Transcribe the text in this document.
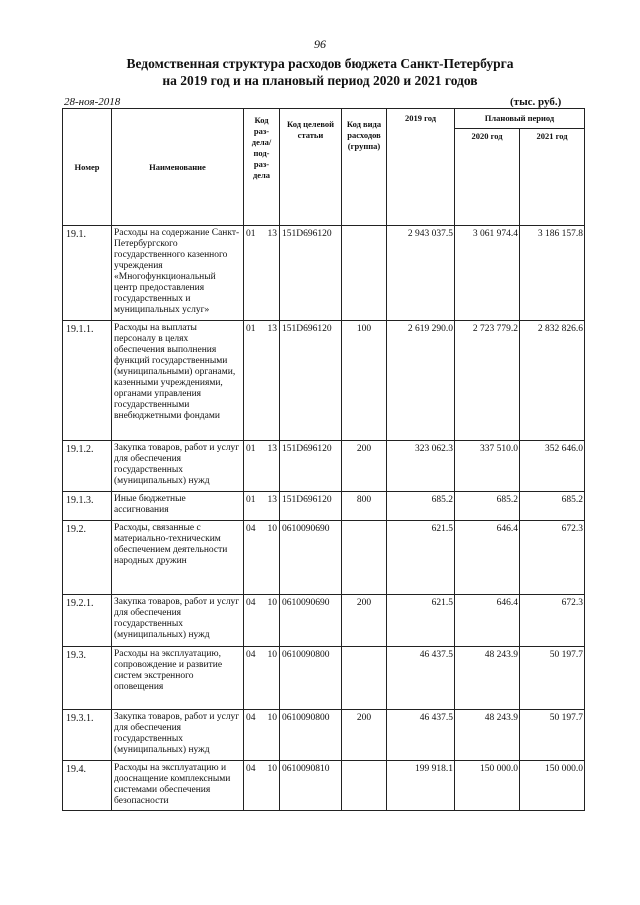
96
Ведомственная структура расходов бюджета Санкт-Петербурга
на 2019 год и на плановый период 2020 и 2021 годов
28-ноя-2018	(тыс. руб.)
Номер	Наименование	Код раз-дела/ под-раз-дела	Код целевой статьи	Код вида расходов (группа)	2019 год	Плановый период	
						2020 год	2021 год
19.1.	Расходы на содержание Санкт-Петербургского государственного казенного учреждения «Многофункциональный центр предоставления государственных и муниципальных услуг»	01 13	151D696120		2 943 037.5	3 061 974.4	3 186 157.8
19.1.1.	Расходы на выплаты персоналу в целях обеспечения выполнения функций государственными (муниципальными) органами, казенными учреждениями, органами управления государственными внебюджетными фондами	01 13	151D696120	100	2 619 290.0	2 723 779.2	2 832 826.6
19.1.2.	Закупка товаров, работ и услуг для обеспечения государственных (муниципальных) нужд	01 13	151D696120	200	323 062.3	337 510.0	352 646.0
19.1.3.	Иные бюджетные ассигнования	01 13	151D696120	800	685.2	685.2	685.2
19.2.	Расходы, связанные с материально-техническим обеспечением деятельности народных дружин	04 10	0610090690		621.5	646.4	672.3
19.2.1.	Закупка товаров, работ и услуг для обеспечения государственных (муниципальных) нужд	04 10	0610090690	200	621.5	646.4	672.3
19.3.	Расходы на эксплуатацию, сопровождение и развитие систем экстренного оповещения	04 10	0610090800		46 437.5	48 243.9	50 197.7
19.3.1.	Закупка товаров, работ и услуг для обеспечения государственных (муниципальных) нужд	04 10	0610090800	200	46 437.5	48 243.9	50 197.7
19.4.	Расходы на эксплуатацию и дооснащение комплексными системами обеспечения безопасности	04 10	0610090810		199 918.1	150 000.0	150 000.0
